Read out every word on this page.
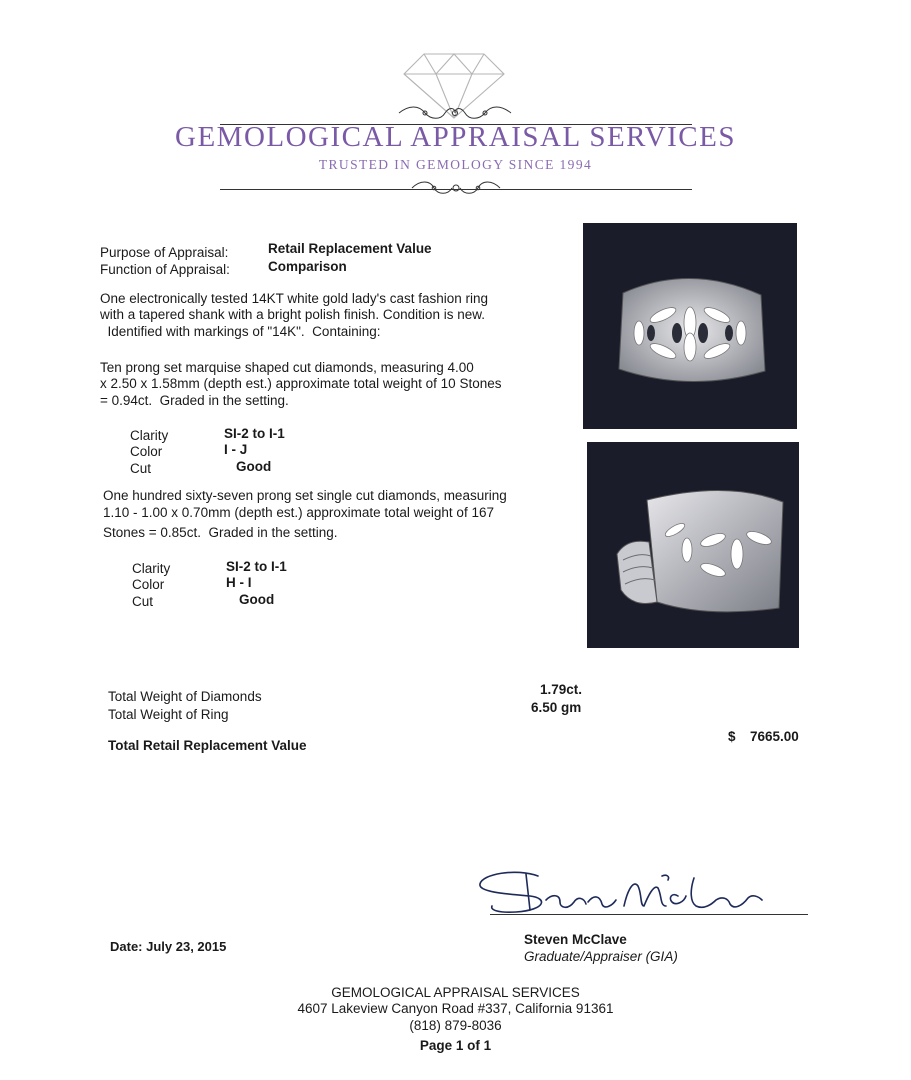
GEMOLOGICAL APPRAISAL SERVICES
TRUSTED IN GEMOLOGY SINCE 1994
Purpose of Appraisal:	Retail Replacement Value
Function of Appraisal:	Comparison
One electronically tested 14KT white gold lady's cast fashion ring
with a tapered shank with a bright polish finish. Condition is new.
Identified with markings of "14K".  Containing:
Ten prong set marquise shaped cut diamonds, measuring 4.00
x 2.50 x 1.58mm (depth est.) approximate total weight of 10 Stones
= 0.94ct.  Graded in the setting.
Clarity	SI-2 to I-1
Color	I - J
Cut	Good
One hundred sixty-seven prong set single cut diamonds, measuring
1.10 - 1.00 x 0.70mm (depth est.) approximate total weight of 167
Stones = 0.85ct.  Graded in the setting.
Clarity	SI-2 to I-1
Color	H - I
Cut	Good
Total Weight of Diamonds	1.79ct.
Total Weight of Ring	6.50 gm
Total Retail Replacement Value
$ 7665.00
Date: July 23, 2015	Steven McClave
Graduate/Appraiser (GIA)
GEMOLOGICAL APPRAISAL SERVICES
4607 Lakeview Canyon Road #337, California 91361
(818) 879-8036
Page 1 of 1
